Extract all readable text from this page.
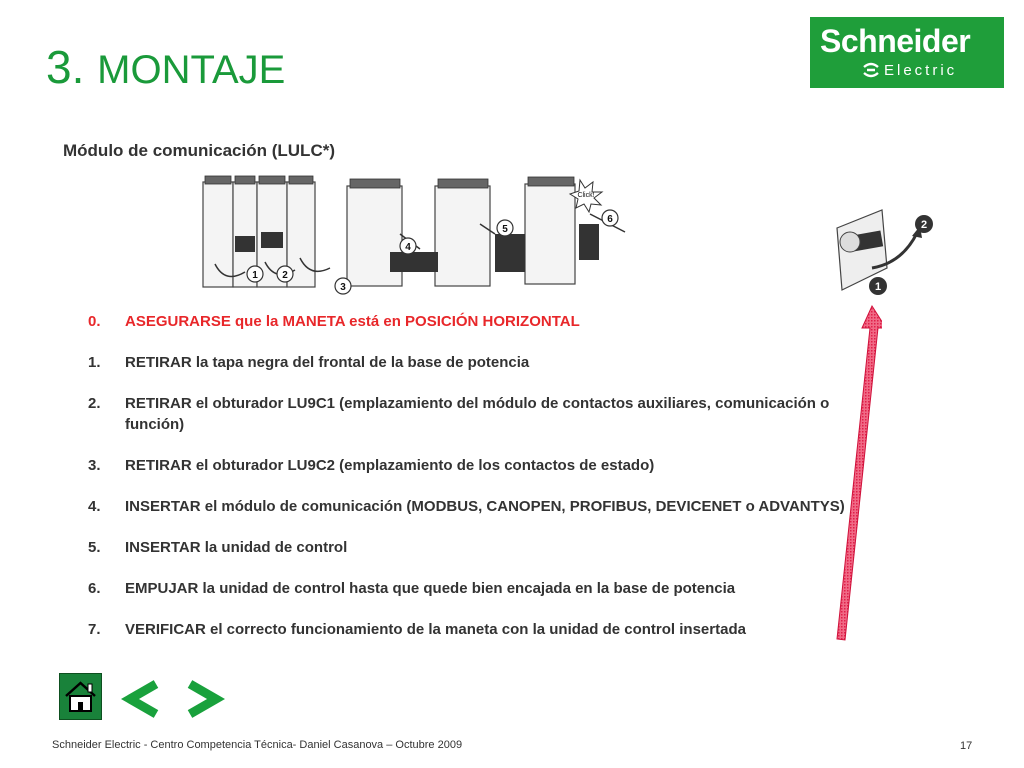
3. MONTAJE
Schneider
Electric
Módulo de comunicación (LULC*)
1 2
3
4
5
6
Click!
2
1
0. ASEGURARSE que la MANETA está en POSICIÓN HORIZONTAL
1. RETIRAR la tapa negra del frontal de la base de potencia
2. RETIRAR el obturador LU9C1 (emplazamiento del módulo de contactos auxiliares, comunicación o función)
3. RETIRAR el obturador LU9C2 (emplazamiento de los contactos de estado)
4. INSERTAR el módulo de comunicación (MODBUS, CANOPEN, PROFIBUS, DEVICENET o ADVANTYS)
5. INSERTAR la unidad de control
6. EMPUJAR la unidad de control hasta que quede bien encajada en la base de potencia
7. VERIFICAR el correcto funcionamiento de la maneta con la unidad de control insertada
Schneider Electric - Centro Competencia Técnica- Daniel Casanova – Octubre 2009	17
